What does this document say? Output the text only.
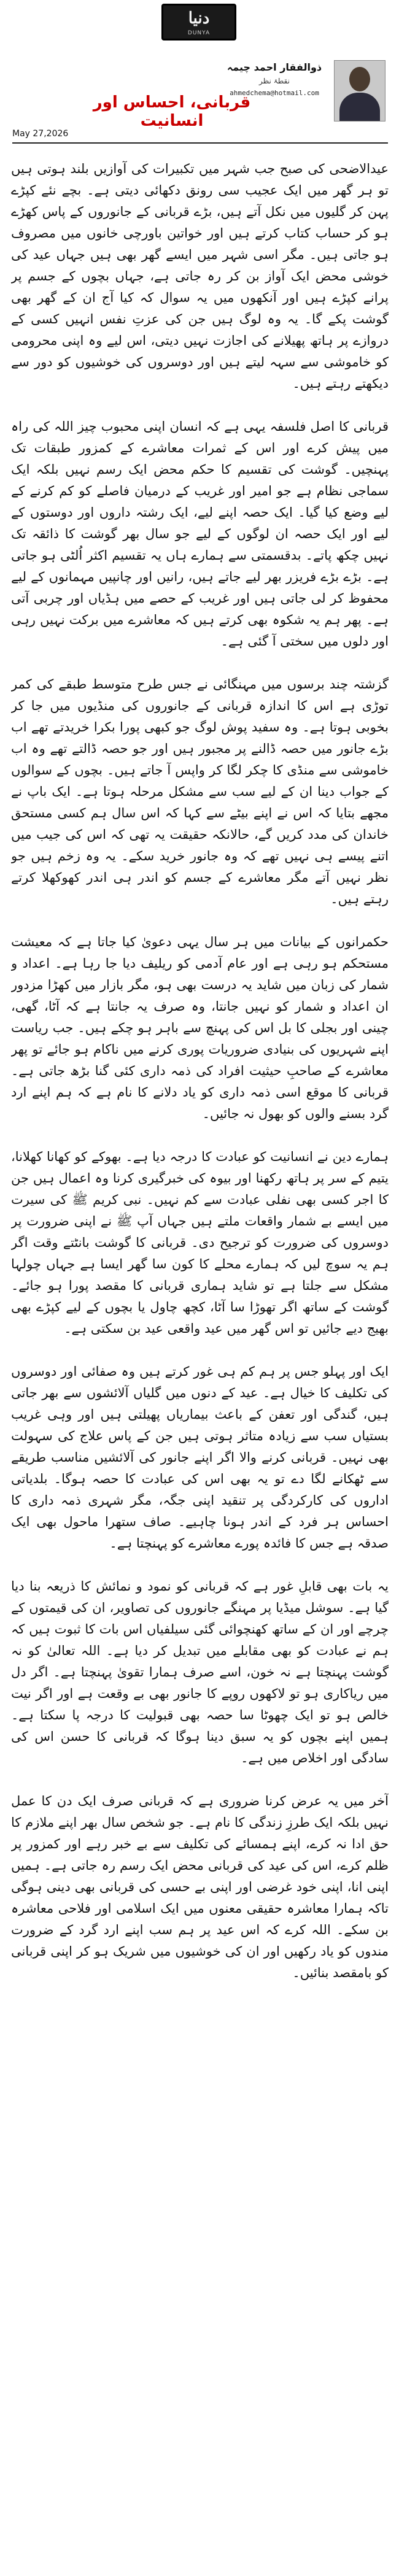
دنیا
DUNYA
ذوالفقار احمد چیمہ
نقطۂ نظر
ahmedchema@hotmail.com
قربانی، احساس اور انسانیت
May 27,2026

عیدالاضحی کی صبح جب شہر میں تکبیرات کی آوازیں بلند ہوتی ہیں تو ہر گھر میں ایک عجیب سی رونق دکھائی دیتی ہے۔ بچے نئے کپڑے پہن کر گلیوں میں نکل آتے ہیں، بڑے قربانی کے جانوروں کے پاس کھڑے ہو کر حساب کتاب کرتے ہیں اور خواتین باورچی خانوں میں مصروف ہو جاتی ہیں۔ مگر اسی شہر میں ایسے گھر بھی ہیں جہاں عید کی خوشی محض ایک آواز بن کر رہ جاتی ہے، جہاں بچوں کے جسم پر پرانے کپڑے ہیں اور آنکھوں میں یہ سوال کہ کیا آج ان کے گھر بھی گوشت پکے گا۔ یہ وہ لوگ ہیں جن کی عزتِ نفس انہیں کسی کے دروازے پر ہاتھ پھیلانے کی اجازت نہیں دیتی، اس لیے وہ اپنی محرومی کو خاموشی سے سہہ لیتے ہیں اور دوسروں کی خوشیوں کو دور سے دیکھتے رہتے ہیں۔

قربانی کا اصل فلسفہ یہی ہے کہ انسان اپنی محبوب چیز اللہ کی راہ میں پیش کرے اور اس کے ثمرات معاشرے کے کمزور طبقات تک پہنچیں۔ گوشت کی تقسیم کا حکم محض ایک رسم نہیں بلکہ ایک سماجی نظام ہے جو امیر اور غریب کے درمیان فاصلے کو کم کرنے کے لیے وضع کیا گیا۔ ایک حصہ اپنے لیے، ایک رشتہ داروں اور دوستوں کے لیے اور ایک حصہ ان لوگوں کے لیے جو سال بھر گوشت کا ذائقہ تک نہیں چکھ پاتے۔ بدقسمتی سے ہمارے ہاں یہ تقسیم اکثر اُلٹی ہو جاتی ہے۔ بڑے بڑے فریزر بھر لیے جاتے ہیں، رانیں اور چانپیں مہمانوں کے لیے محفوظ کر لی جاتی ہیں اور غریب کے حصے میں ہڈیاں اور چربی آتی ہے۔ پھر ہم یہ شکوہ بھی کرتے ہیں کہ معاشرے میں برکت نہیں رہی اور دلوں میں سختی آ گئی ہے۔

گزشتہ چند برسوں میں مہنگائی نے جس طرح متوسط طبقے کی کمر توڑی ہے اس کا اندازہ قربانی کے جانوروں کی منڈیوں میں جا کر بخوبی ہوتا ہے۔ وہ سفید پوش لوگ جو کبھی پورا بکرا خریدتے تھے اب بڑے جانور میں حصہ ڈالنے پر مجبور ہیں اور جو حصہ ڈالتے تھے وہ اب خاموشی سے منڈی کا چکر لگا کر واپس آ جاتے ہیں۔ بچوں کے سوالوں کے جواب دینا ان کے لیے سب سے مشکل مرحلہ ہوتا ہے۔ ایک باپ نے مجھے بتایا کہ اس نے اپنے بیٹے سے کہا کہ اس سال ہم کسی مستحق خاندان کی مدد کریں گے، حالانکہ حقیقت یہ تھی کہ اس کی جیب میں اتنے پیسے ہی نہیں تھے کہ وہ جانور خرید سکے۔ یہ وہ زخم ہیں جو نظر نہیں آتے مگر معاشرے کے جسم کو اندر ہی اندر کھوکھلا کرتے رہتے ہیں۔

حکمرانوں کے بیانات میں ہر سال یہی دعویٰ کیا جاتا ہے کہ معیشت مستحکم ہو رہی ہے اور عام آدمی کو ریلیف دیا جا رہا ہے۔ اعداد و شمار کی زبان میں شاید یہ درست بھی ہو، مگر بازار میں کھڑا مزدور ان اعداد و شمار کو نہیں جانتا، وہ صرف یہ جانتا ہے کہ آٹا، گھی، چینی اور بجلی کا بل اس کی پہنچ سے باہر ہو چکے ہیں۔ جب ریاست اپنے شہریوں کی بنیادی ضروریات پوری کرنے میں ناکام ہو جائے تو پھر معاشرے کے صاحبِ حیثیت افراد کی ذمہ داری کئی گنا بڑھ جاتی ہے۔ قربانی کا موقع اسی ذمہ داری کو یاد دلانے کا نام ہے کہ ہم اپنے ارد گرد بسنے والوں کو بھول نہ جائیں۔

ہمارے دین نے انسانیت کو عبادت کا درجہ دیا ہے۔ بھوکے کو کھانا کھلانا، یتیم کے سر پر ہاتھ رکھنا اور بیوہ کی خبرگیری کرنا وہ اعمال ہیں جن کا اجر کسی بھی نفلی عبادت سے کم نہیں۔ نبی کریم ﷺ کی سیرت میں ایسے بے شمار واقعات ملتے ہیں جہاں آپ ﷺ نے اپنی ضرورت پر دوسروں کی ضرورت کو ترجیح دی۔ قربانی کا گوشت بانٹتے وقت اگر ہم یہ سوچ لیں کہ ہمارے محلے کا کون سا گھر ایسا ہے جہاں چولہا مشکل سے جلتا ہے تو شاید ہماری قربانی کا مقصد پورا ہو جائے۔ گوشت کے ساتھ اگر تھوڑا سا آٹا، کچھ چاول یا بچوں کے لیے کپڑے بھی بھیج دیے جائیں تو اس گھر میں عید واقعی عید بن سکتی ہے۔

ایک اور پہلو جس پر ہم کم ہی غور کرتے ہیں وہ صفائی اور دوسروں کی تکلیف کا خیال ہے۔ عید کے دنوں میں گلیاں آلائشوں سے بھر جاتی ہیں، گندگی اور تعفن کے باعث بیماریاں پھیلتی ہیں اور وہی غریب بستیاں سب سے زیادہ متاثر ہوتی ہیں جن کے پاس علاج کی سہولت بھی نہیں۔ قربانی کرنے والا اگر اپنے جانور کی آلائشیں مناسب طریقے سے ٹھکانے لگا دے تو یہ بھی اس کی عبادت کا حصہ ہوگا۔ بلدیاتی اداروں کی کارکردگی پر تنقید اپنی جگہ، مگر شہری ذمہ داری کا احساس ہر فرد کے اندر ہونا چاہیے۔ صاف ستھرا ماحول بھی ایک صدقہ ہے جس کا فائدہ پورے معاشرے کو پہنچتا ہے۔

یہ بات بھی قابلِ غور ہے کہ قربانی کو نمود و نمائش کا ذریعہ بنا دیا گیا ہے۔ سوشل میڈیا پر مہنگے جانوروں کی تصاویر، ان کی قیمتوں کے چرچے اور ان کے ساتھ کھنچوائی گئی سیلفیاں اس بات کا ثبوت ہیں کہ ہم نے عبادت کو بھی مقابلے میں تبدیل کر دیا ہے۔ اللہ تعالیٰ کو نہ گوشت پہنچتا ہے نہ خون، اسے صرف ہمارا تقویٰ پہنچتا ہے۔ اگر دل میں ریاکاری ہو تو لاکھوں روپے کا جانور بھی بے وقعت ہے اور اگر نیت خالص ہو تو ایک چھوٹا سا حصہ بھی قبولیت کا درجہ پا سکتا ہے۔ ہمیں اپنے بچوں کو یہ سبق دینا ہوگا کہ قربانی کا حسن اس کی سادگی اور اخلاص میں ہے۔

آخر میں یہ عرض کرنا ضروری ہے کہ قربانی صرف ایک دن کا عمل نہیں بلکہ ایک طرزِ زندگی کا نام ہے۔ جو شخص سال بھر اپنے ملازم کا حق ادا نہ کرے، اپنے ہمسائے کی تکلیف سے بے خبر رہے اور کمزور پر ظلم کرے، اس کی عید کی قربانی محض ایک رسم رہ جاتی ہے۔ ہمیں اپنی انا، اپنی خود غرضی اور اپنی بے حسی کی قربانی بھی دینی ہوگی تاکہ ہمارا معاشرہ حقیقی معنوں میں ایک اسلامی اور فلاحی معاشرہ بن سکے۔ اللہ کرے کہ اس عید پر ہم سب اپنے ارد گرد کے ضرورت مندوں کو یاد رکھیں اور ان کی خوشیوں میں شریک ہو کر اپنی قربانی کو بامقصد بنائیں۔
